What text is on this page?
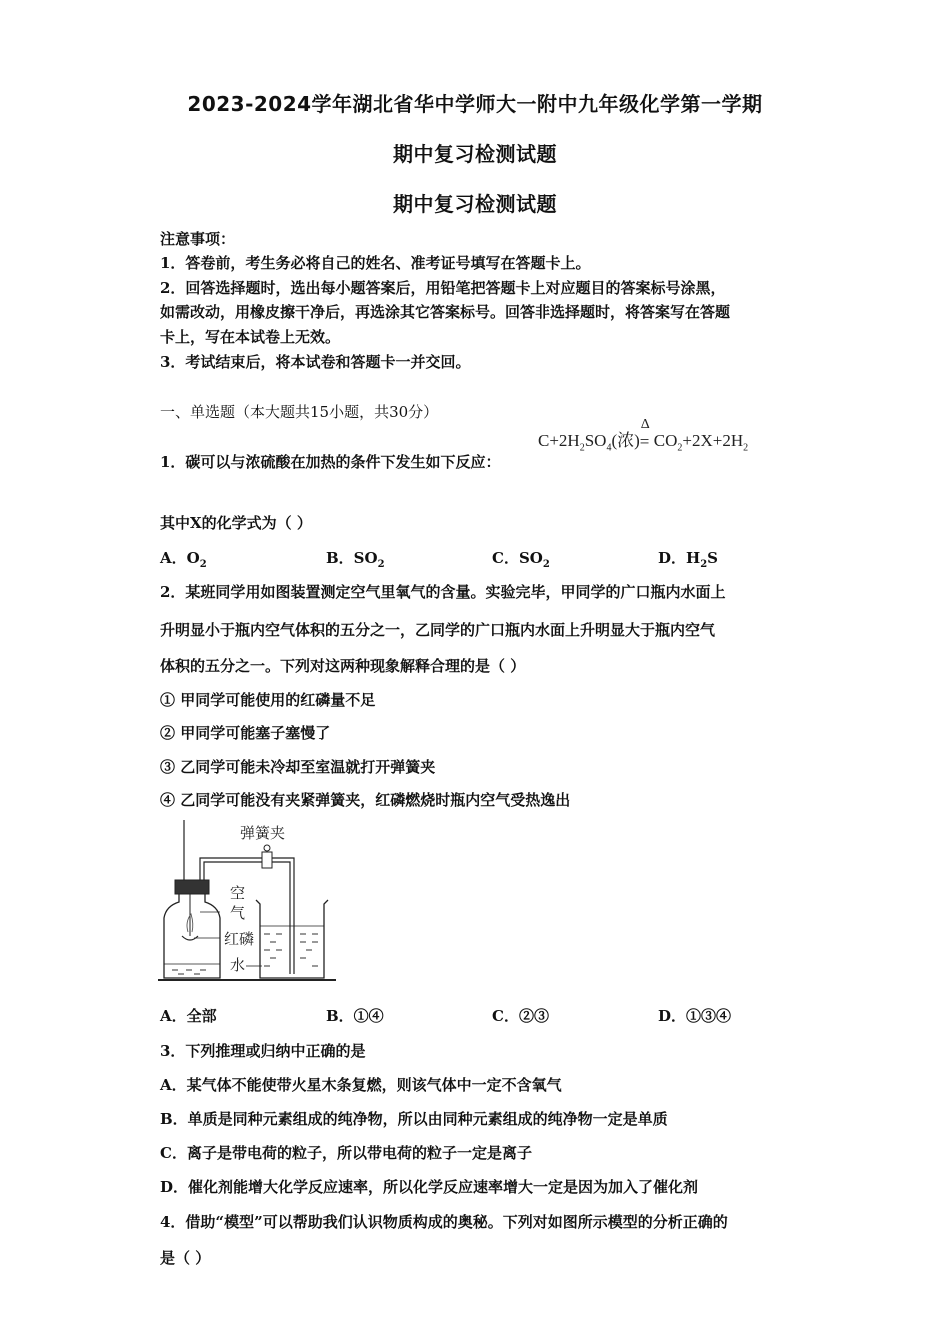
2023-2024学年湖北省华中学师大一附中九年级化学第一学期
期中复习检测试题
期中复习检测试题
注意事项：
1．答卷前，考生务必将自己的姓名、准考证号填写在答题卡上。
2．回答选择题时，选出每小题答案后，用铅笔把答题卡上对应题目的答案标号涂黑，
如需改动，用橡皮擦干净后，再选涂其它答案标号。回答非选择题时，将答案写在答题
卡上，写在本试卷上无效。
3．考试结束后，将本试卷和答题卡一并交回。
一、单选题（本大题共15小题，共30分）
1．碳可以与浓硫酸在加热的条件下发生如下反应：
$C+2H_2SO_4$(浓)
Δ
= $CO_2+2X+2H_2$
其中X的化学式为（ ）
A．$O_2$	B．$SO_2$	C．$SO_2$	D．$H_2S$
2．某班同学用如图装置测定空气里氧气的含量。实验完毕，甲同学的广口瓶内水面上
升明显小于瓶内空气体积的五分之一，乙同学的广口瓶内水面上升明显大于瓶内空气
体积的五分之一。下列对这两种现象解释合理的是（ ）
① 甲同学可能使用的红磷量不足
② 甲同学可能塞子塞慢了
③ 乙同学可能未冷却至室温就打开弹簧夹
④ 乙同学可能没有夹紧弹簧夹，红磷燃烧时瓶内空气受热逸出
弹簧夹
空
气
红磷
水
A．全部	B．①④	C．②③	D．①③④
3．下列推理或归纳中正确的是
A．某气体不能使带火星木条复燃，则该气体中一定不含氧气
B．单质是同种元素组成的纯净物，所以由同种元素组成的纯净物一定是单质
C．离子是带电荷的粒子，所以带电荷的粒子一定是离子
D．催化剂能增大化学反应速率，所以化学反应速率增大一定是因为加入了催化剂
4．借助“模型”可以帮助我们认识物质构成的奥秘。下列对如图所示模型的分析正确的
是（ ）
